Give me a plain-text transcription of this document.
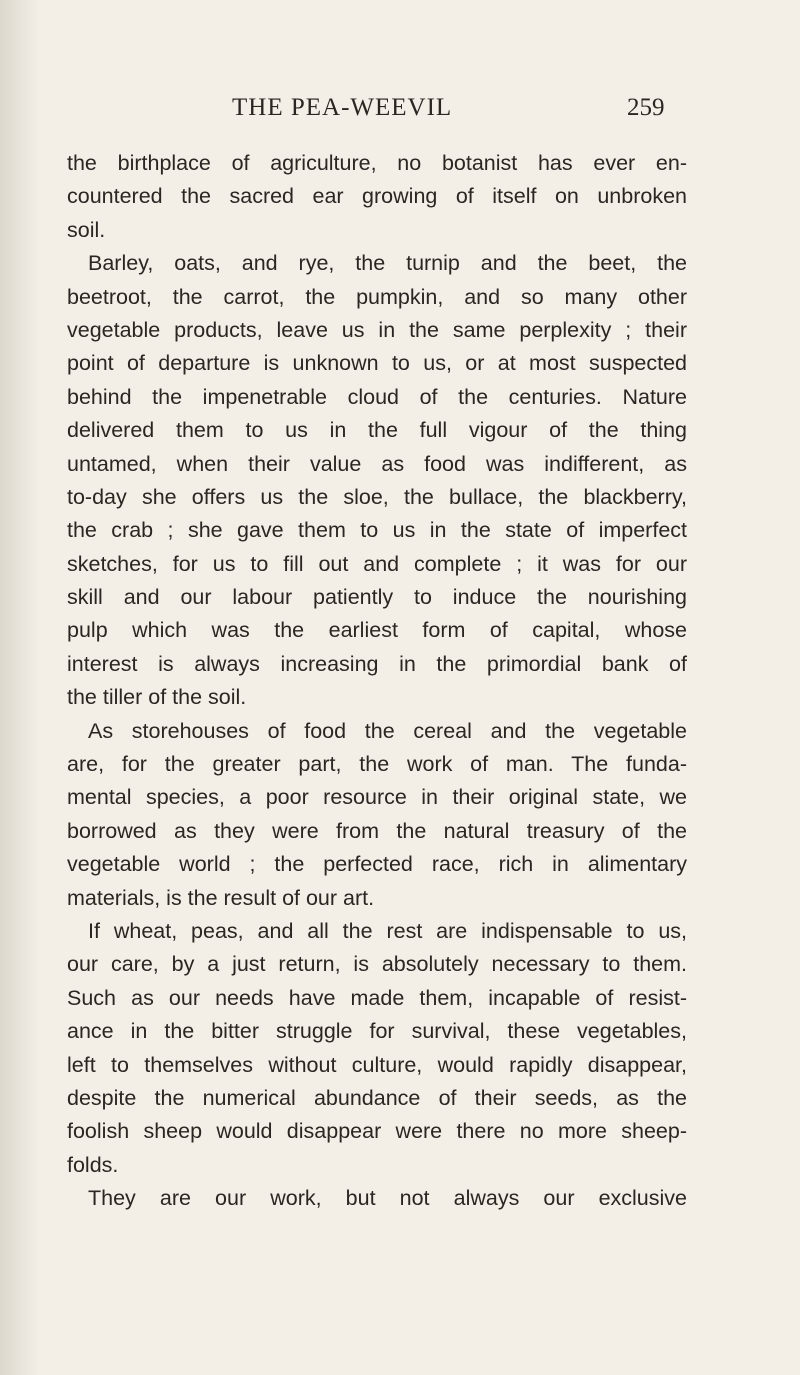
THE PEA-WEEVIL	259
the birthplace of agriculture, no botanist has ever en-
countered the sacred ear growing of itself on unbroken
soil.
Barley, oats, and rye, the turnip and the beet, the
beetroot, the carrot, the pumpkin, and so many other
vegetable products, leave us in the same perplexity ; their
point of departure is unknown to us, or at most suspected
behind the impenetrable cloud of the centuries. Nature
delivered them to us in the full vigour of the thing
untamed, when their value as food was indifferent, as
to-day she offers us the sloe, the bullace, the blackberry,
the crab ; she gave them to us in the state of imperfect
sketches, for us to fill out and complete ; it was for our
skill and our labour patiently to induce the nourishing
pulp which was the earliest form of capital, whose
interest is always increasing in the primordial bank of
the tiller of the soil.
As storehouses of food the cereal and the vegetable
are, for the greater part, the work of man. The funda-
mental species, a poor resource in their original state, we
borrowed as they were from the natural treasury of the
vegetable world ; the perfected race, rich in alimentary
materials, is the result of our art.
If wheat, peas, and all the rest are indispensable to us,
our care, by a just return, is absolutely necessary to them.
Such as our needs have made them, incapable of resist-
ance in the bitter struggle for survival, these vegetables,
left to themselves without culture, would rapidly disappear,
despite the numerical abundance of their seeds, as the
foolish sheep would disappear were there no more sheep-
folds.
They are our work, but not always our exclusive
